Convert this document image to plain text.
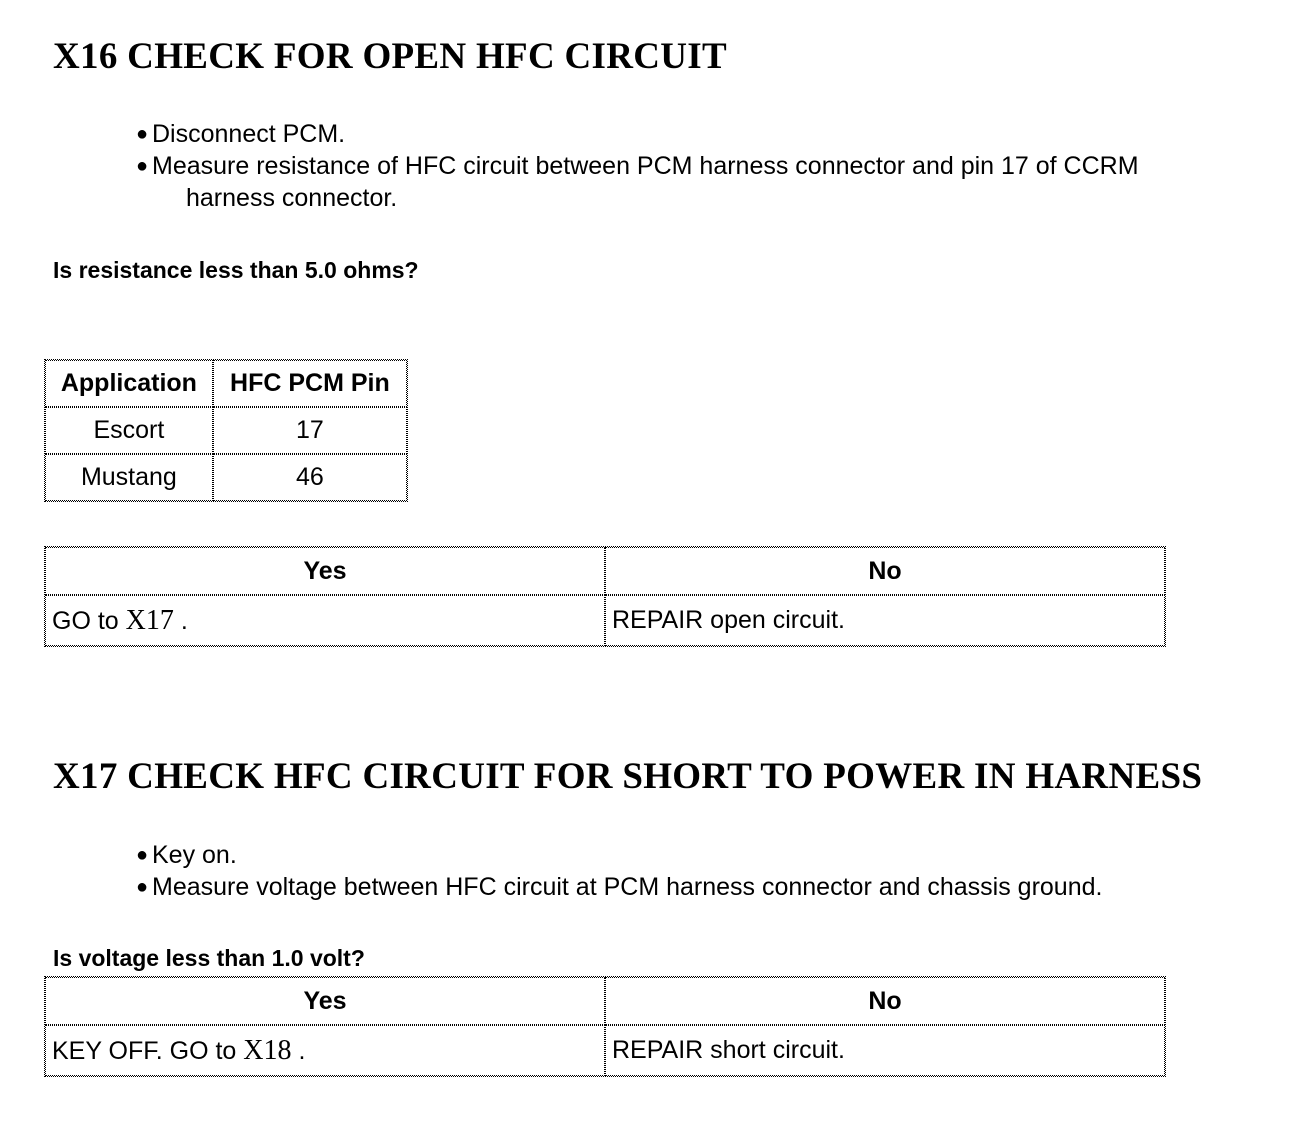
X16 CHECK FOR OPEN HFC CIRCUIT
● Disconnect PCM.
● Measure resistance of HFC circuit between PCM harness connector and pin 17 of CCRM
harness connector.

Is resistance less than 5.0 ohms?

Application	HFC PCM Pin
Escort	17
Mustang	46
Yes	No
GO to X17 .	REPAIR open circuit.
X17 CHECK HFC CIRCUIT FOR SHORT TO POWER IN HARNESS
● Key on.
● Measure voltage between HFC circuit at PCM harness connector and chassis ground.

Is voltage less than 1.0 volt?

Yes	No
KEY OFF. GO to X18 .	REPAIR short circuit.
